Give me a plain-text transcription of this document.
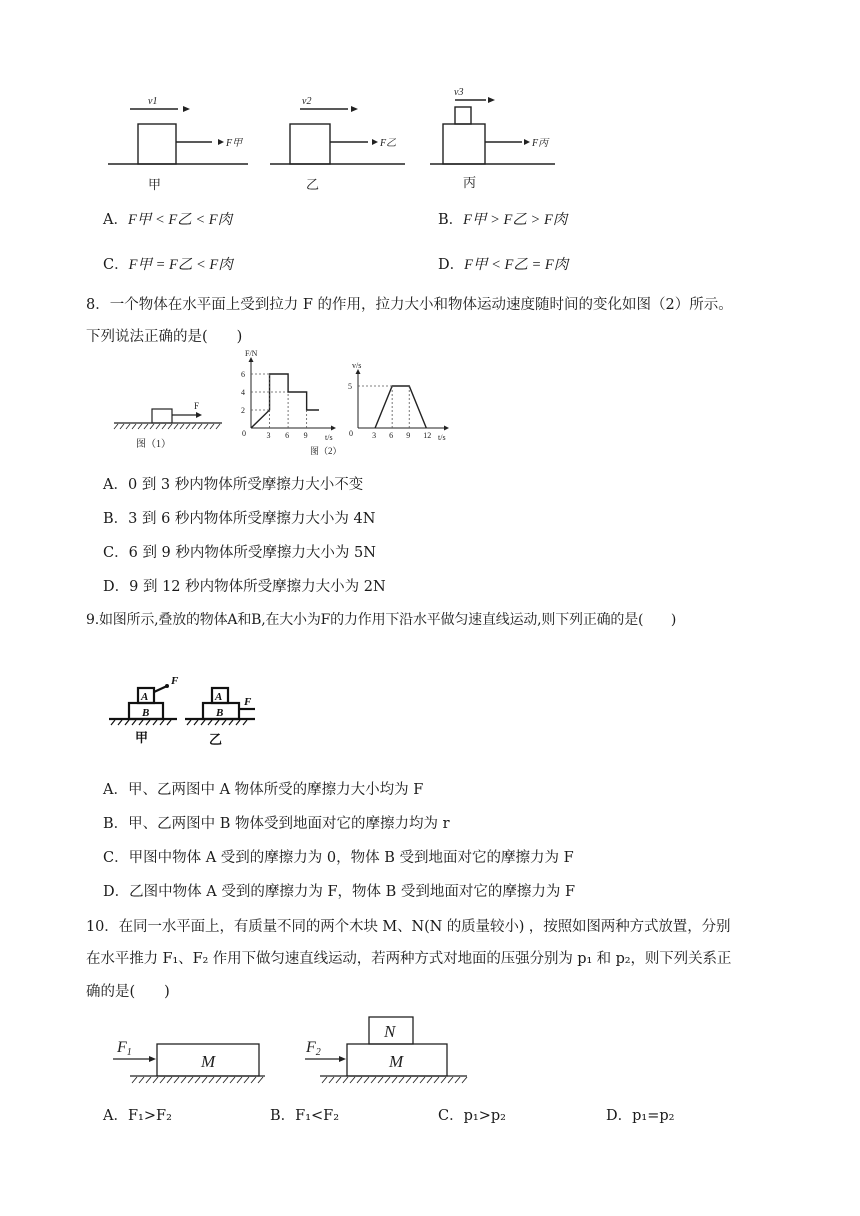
v1	v2
v3
F甲	F乙	F丙
甲	乙	丙
A．F甲 < F乙 < F肉	B．F甲 > F乙 > F肉
C．F甲 = F乙 < F肉	D．F甲 < F乙 = F肉
8．一个物体在水平面上受到拉力 F 的作用，拉力大小和物体运动速度随时间的变化如图（2）所示。
下列说法正确的是(　　)
F
图（1）
3 6 9
2
4
6
0	t/s
F/N
3 6 9 12
5
0	t/s
v/s
图（2）
A．0 到 3 秒内物体所受摩擦力大小不变
B．3 到 6 秒内物体所受摩擦力大小为 4N
C．6 到 9 秒内物体所受摩擦力大小为 5N
D．9 到 12 秒内物体所受摩擦力大小为 2N
9.如图所示,叠放的物体A和B,在大小为F的力作用下沿水平做匀速直线运动,则下列正确的是(　　)
A
B
F
A
B
F
甲	乙
A．甲、乙两图中 A 物体所受的摩擦力大小均为 F
B．甲、乙两图中 B 物体受到地面对它的摩擦力均为 r
C．甲图中物体 A 受到的摩擦力为 0，物体 B 受到地面对它的摩擦力为 F
D．乙图中物体 A 受到的摩擦力为 F，物体 B 受到地面对它的摩擦力为 F
10．在同一水平面上，有质量不同的两个木块 M、N(N 的质量较小) ，按照如图两种方式放置，分别
在水平推力 F₁、F₂ 作用下做匀速直线运动，若两种方式对地面的压强分别为 p₁ 和 p₂，则下列关系正
确的是(　　)
F1	F2
M	M
N
A．F₁>F₂	B．F₁<F₂	C．p₁>p₂	D．p₁=p₂
